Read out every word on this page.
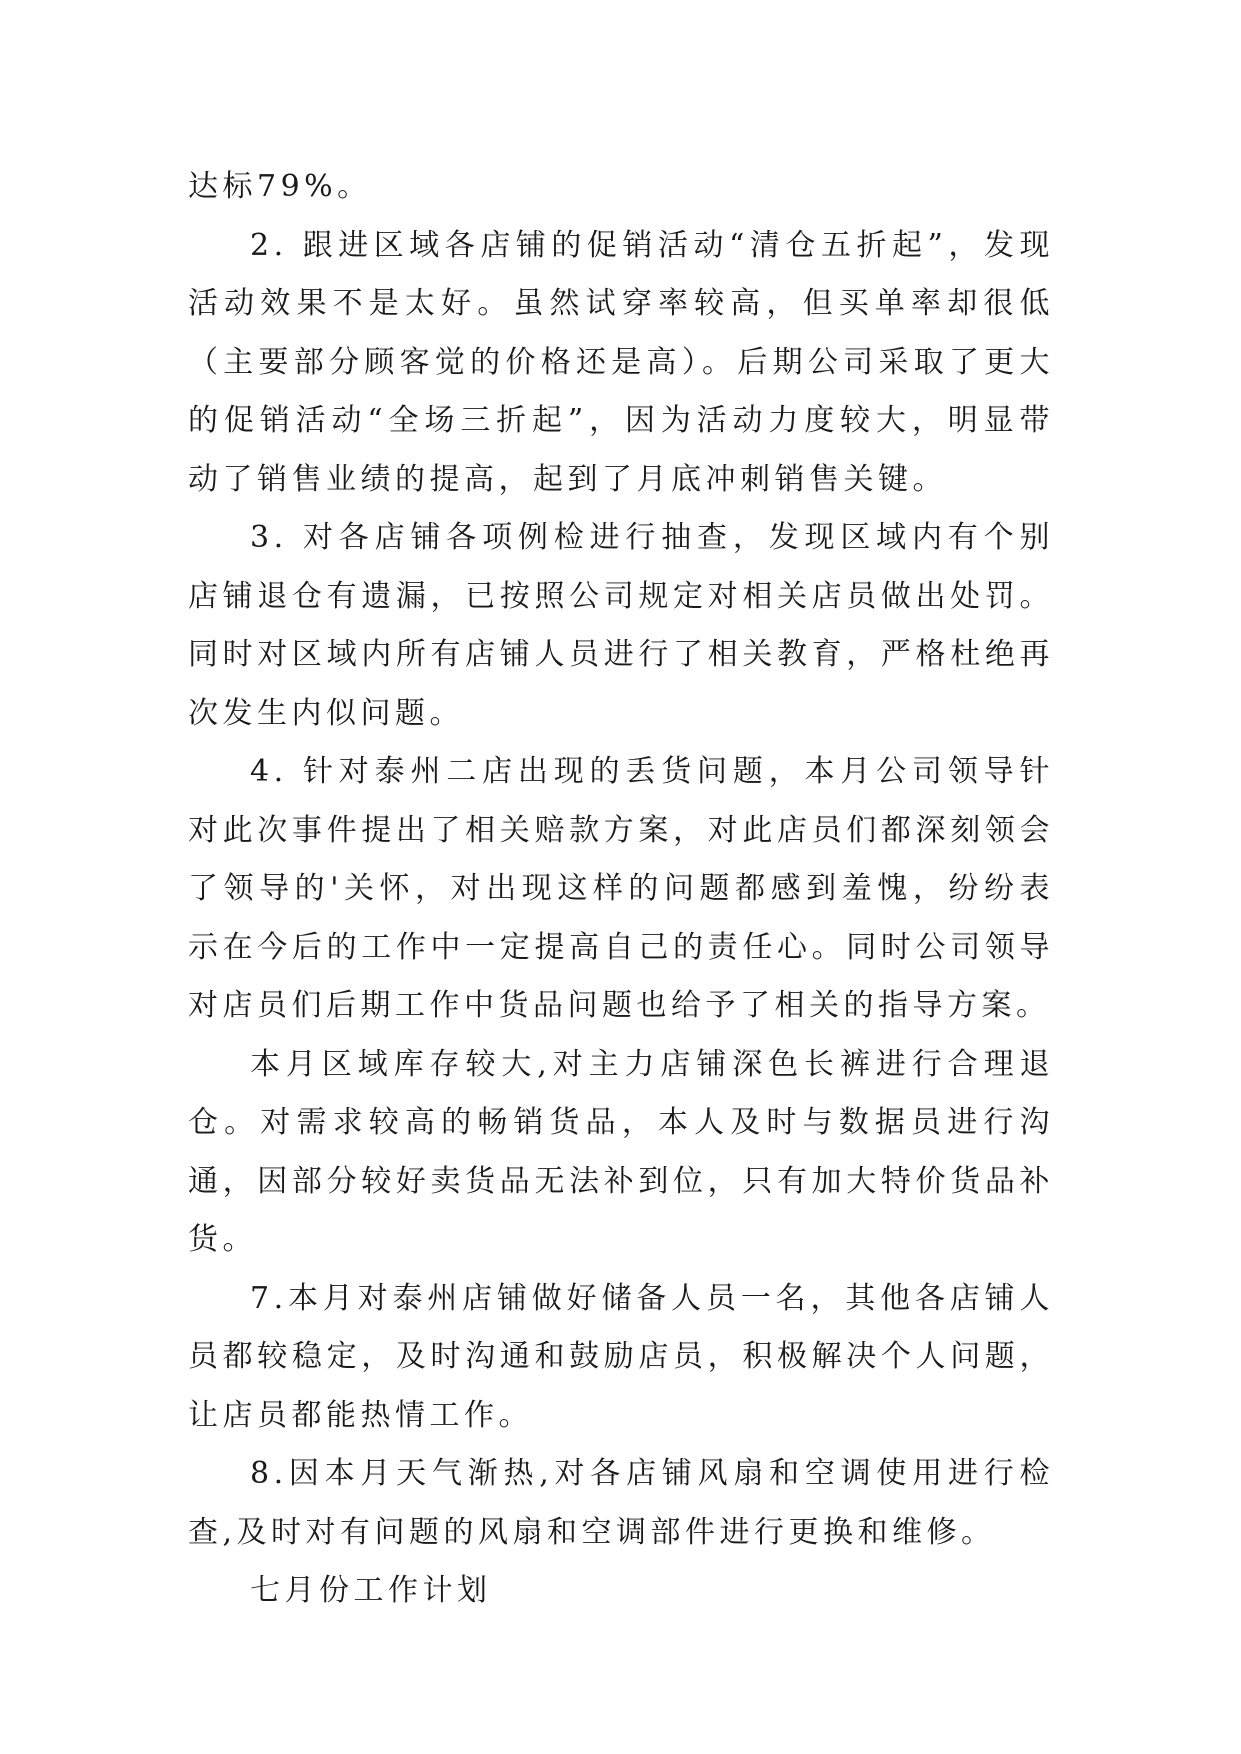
达标79%。

2. 跟进区域各店铺的促销活动“清仓五折起”，发现活动效果不是太好。虽然试穿率较高，但买单率却很低（主要部分顾客觉的价格还是高）。后期公司采取了更大的促销活动“全场三折起”，因为活动力度较大，明显带动了销售业绩的提高，起到了月底冲刺销售关键。

3. 对各店铺各项例检进行抽查，发现区域内有个别店铺退仓有遗漏，已按照公司规定对相关店员做出处罚。同时对区域内所有店铺人员进行了相关教育，严格杜绝再次发生内似问题。

4. 针对泰州二店出现的丢货问题，本月公司领导针对此次事件提出了相关赔款方案，对此店员们都深刻领会了领导的'关怀，对出现这样的问题都感到羞愧，纷纷表示在今后的工作中一定提高自己的责任心。同时公司领导对店员们后期工作中货品问题也给予了相关的指导方案。

本月区域库存较大,对主力店铺深色长裤进行合理退仓。对需求较高的畅销货品，本人及时与数据员进行沟通，因部分较好卖货品无法补到位，只有加大特价货品补货。

7.本月对泰州店铺做好储备人员一名，其他各店铺人员都较稳定，及时沟通和鼓励店员，积极解决个人问题，让店员都能热情工作。

8.因本月天气渐热,对各店铺风扇和空调使用进行检查,及时对有问题的风扇和空调部件进行更换和维修。

七月份工作计划
